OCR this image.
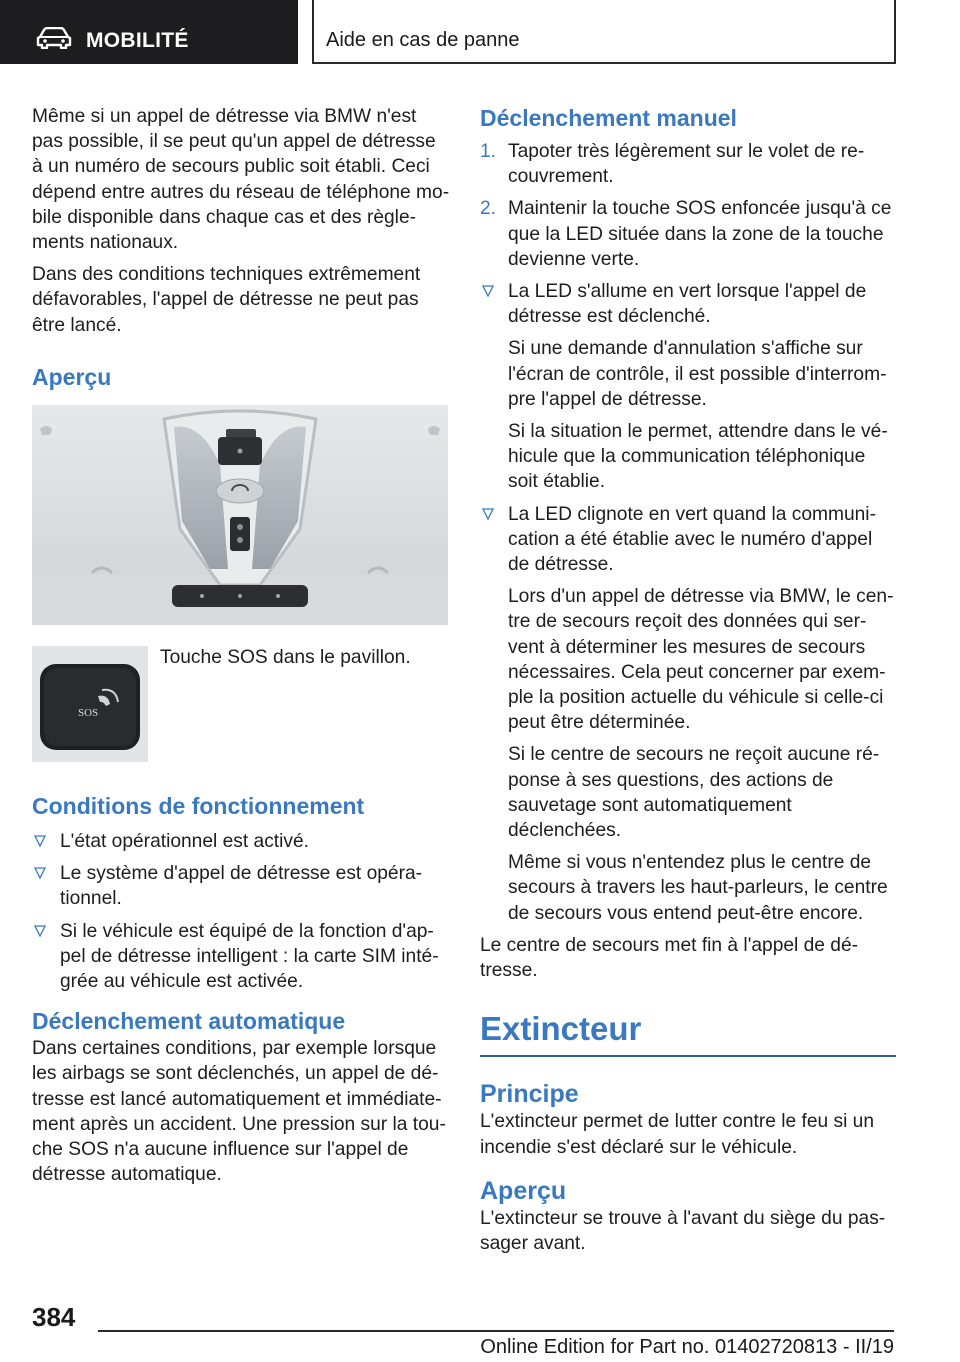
MOBILITÉ	Aide en cas de panne

Même si un appel de détresse via BMW n'est pas possible, il se peut qu'un appel de détresse à un numéro de secours public soit établi. Ceci dépend entre autres du réseau de téléphone mobile disponible dans chaque cas et des règlements nationaux.

Dans des conditions techniques extrêmement défavorables, l'appel de détresse ne peut pas être lancé.

Aperçu
SOS
Touche SOS dans le pavillon.
Conditions de fonctionnement
L'état opérationnel est activé.
Le système d'appel de détresse est opérationnel.
Si le véhicule est équipé de la fonction d'appel de détresse intelligent : la carte SIM intégrée au véhicule est activée.
Déclenchement automatique

Dans certaines conditions, par exemple lorsque les airbags se sont déclenchés, un appel de détresse est lancé automatiquement et immédiatement après un accident. Une pression sur la touche SOS n'a aucune influence sur l'appel de détresse automatique.

Déclenchement manuel
1. Tapoter très légèrement sur le volet de recouvrement.
2. Maintenir la touche SOS enfoncée jusqu'à ce que la LED située dans la zone de la touche devienne verte.
La LED s'allume en vert lorsque l'appel de détresse est déclenché.

Si une demande d'annulation s'affiche sur l'écran de contrôle, il est possible d'interrompre l'appel de détresse.

Si la situation le permet, attendre dans le véhicule que la communication téléphonique soit établie.

La LED clignote en vert quand la communication a été établie avec le numéro d'appel de détresse.

Lors d'un appel de détresse via BMW, le centre de secours reçoit des données qui servent à déterminer les mesures de secours nécessaires. Cela peut concerner par exemple la position actuelle du véhicule si celle-ci peut être déterminée.

Si le centre de secours ne reçoit aucune réponse à ses questions, des actions de sauvetage sont automatiquement déclenchées.

Même si vous n'entendez plus le centre de secours à travers les haut-parleurs, le centre de secours vous entend peut-être encore.

Le centre de secours met fin à l'appel de détresse.

Extincteur
Principe

L'extincteur permet de lutter contre le feu si un incendie s'est déclaré sur le véhicule.

Aperçu

L'extincteur se trouve à l'avant du siège du passager avant.

384
Online Edition for Part no. 01402720813 - II/19
